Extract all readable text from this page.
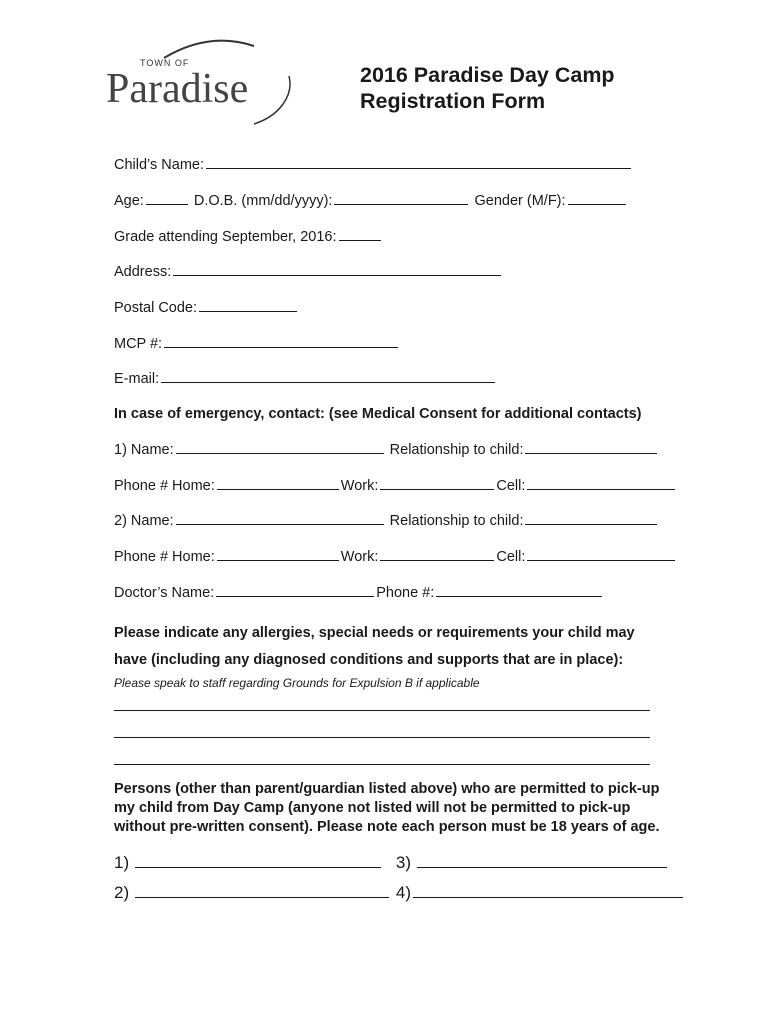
TOWN OF
Paradise	2016 Paradise Day Camp
Registration Form
Child’s Name:
Age:	D.O.B. (mm/dd/yyyy):	Gender (M/F):
Grade attending September, 2016:
Address:
Postal Code:
MCP #:
E-mail:
In case of emergency, contact: (see Medical Consent for additional contacts)
1) Name:	Relationship to child:
Phone # Home:	Work:	Cell:
2) Name:	Relationship to child:
Phone # Home:	Work:	Cell:
Doctor’s Name:	Phone #:
Please indicate any allergies, special needs or requirements your child may
have (including any diagnosed conditions and supports that are in place):
Please speak to staff regarding Grounds for Expulsion B if applicable
Persons (other than parent/guardian listed above) who are permitted to pick-up
my child from Day Camp (anyone not listed will not be permitted to pick-up
without pre-written consent). Please note each person must be 18 years of age.
1)	3)
2)	4)
